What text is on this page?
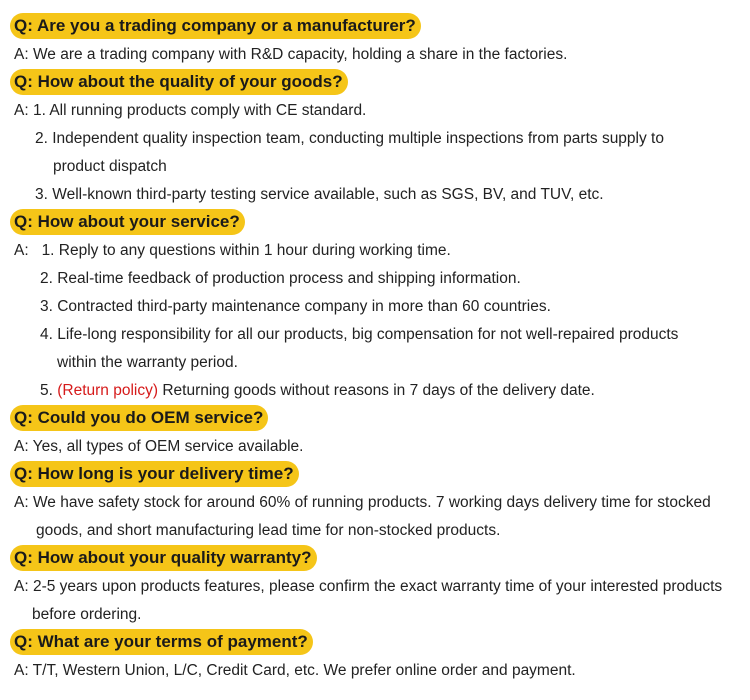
Q: Are you a trading company or a manufacturer?
A: We are a trading company with R&D capacity, holding a share in the factories.
Q: How about the quality of your goods?
A: 1. All running products comply with CE standard.
2. Independent quality inspection team, conducting multiple inspections from parts supply to
product dispatch
3. Well-known third-party testing service available, such as SGS, BV, and TUV, etc.
Q: How about your service?
A:   1. Reply to any questions within 1 hour during working time.
2. Real-time feedback of production process and shipping information.
3. Contracted third-party maintenance company in more than 60 countries.
4. Life-long responsibility for all our products, big compensation for not well-repaired products
within the warranty period.
5. (Return policy) Returning goods without reasons in 7 days of the delivery date.
Q: Could you do OEM service?
A: Yes, all types of OEM service available.
Q: How long is your delivery time?
A: We have safety stock for around 60% of running products. 7 working days delivery time for stocked
goods, and short manufacturing lead time for non-stocked products.
Q: How about your quality warranty?
A: 2-5 years upon products features, please confirm the exact warranty time of your interested products
before ordering.
Q: What are your terms of payment?
A: T/T, Western Union, L/C, Credit Card, etc. We prefer online order and payment.
